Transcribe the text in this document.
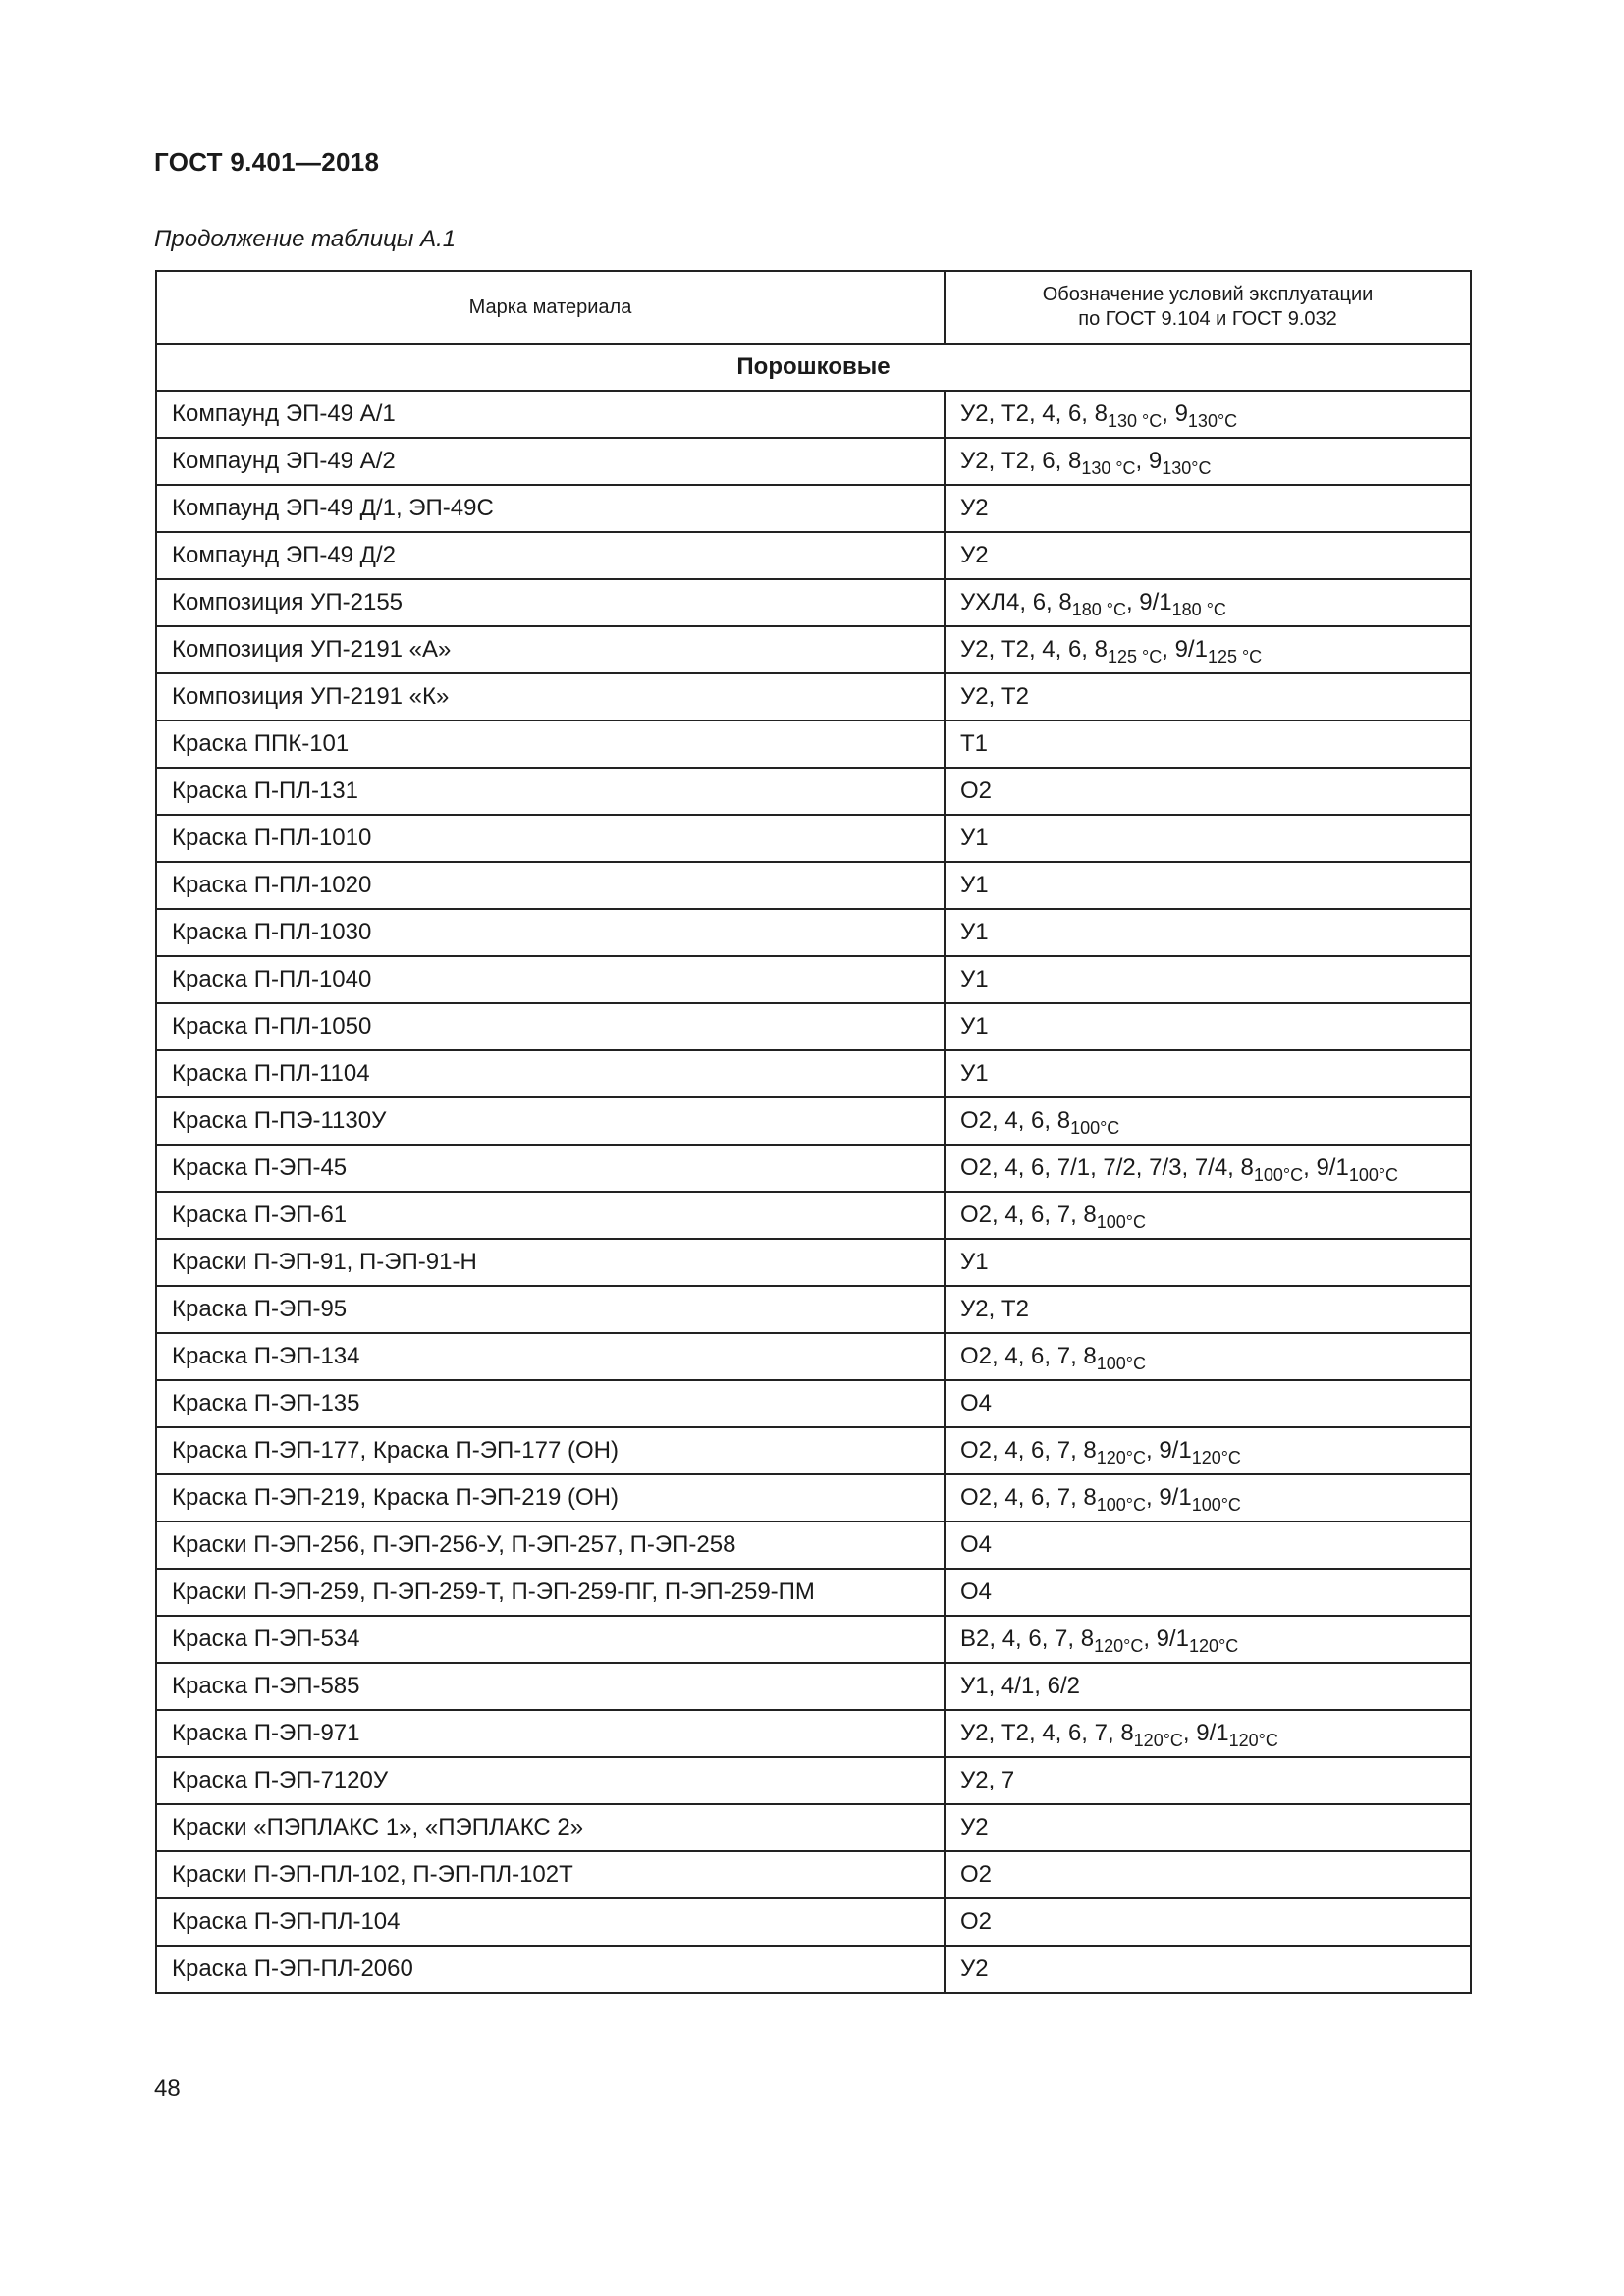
ГОСТ 9.401—2018
Продолжение таблицы А.1
Марка материала	Обозначение условий эксплуатации
по ГОСТ 9.104 и ГОСТ 9.032
Порошковые	
Компаунд ЭП-49 А/1	У2, Т2, 4, 6, $8_{130 ^\circ С}$, $9_{130^\circ С}$
Компаунд ЭП-49 А/2	У2, Т2, 6, $8_{130 ^\circ С}$, $9_{130^\circ С}$
Компаунд ЭП-49 Д/1, ЭП-49С	У2
Компаунд ЭП-49 Д/2	У2
Композиция УП-2155	УХЛ4, 6, $8_{180 ^\circ С}$, $9/1_{180 ^\circ С}$
Композиция УП-2191 «А»	У2, Т2, 4, 6, $8_{125 ^\circ С}$, $9/1_{125 ^\circ С}$
Композиция УП-2191 «К»	У2, Т2
Краска ППК-101	Т1
Краска П-ПЛ-131	О2
Краска П-ПЛ-1010	У1
Краска П-ПЛ-1020	У1
Краска П-ПЛ-1030	У1
Краска П-ПЛ-1040	У1
Краска П-ПЛ-1050	У1
Краска П-ПЛ-1104	У1
Краска П-ПЭ-1130У	О2, 4, 6, $8_{100^\circ С}$
Краска П-ЭП-45	О2, 4, 6, 7/1, 7/2, 7/3, 7/4, $8_{100^\circ С}$, $9/1_{100^\circ С}$
Краска П-ЭП-61	О2, 4, 6, 7, $8_{100^\circ С}$
Краски П-ЭП-91, П-ЭП-91-Н	У1
Краска П-ЭП-95	У2, Т2
Краска П-ЭП-134	О2, 4, 6, 7, $8_{100^\circ С}$
Краска П-ЭП-135	О4
Краска П-ЭП-177, Краска П-ЭП-177 (ОН)	О2, 4, 6, 7, $8_{120^\circ С}$, $9/1_{120^\circ С}$
Краска П-ЭП-219, Краска П-ЭП-219 (ОН)	О2, 4, 6, 7, $8_{100^\circ С}$, $9/1_{100^\circ С}$
Краски П-ЭП-256, П-ЭП-256-У, П-ЭП-257, П-ЭП-258	О4
Краски П-ЭП-259, П-ЭП-259-Т, П-ЭП-259-ПГ, П-ЭП-259-ПМ	О4
Краска П-ЭП-534	В2, 4, 6, 7, $8_{120^\circ С}$, $9/1_{120^\circ С}$
Краска П-ЭП-585	У1, 4/1, 6/2
Краска П-ЭП-971	У2, Т2, 4, 6, 7, $8_{120^\circ С}$, $9/1_{120^\circ С}$
Краска П-ЭП-7120У	У2, 7
Краски «ПЭПЛАКС 1», «ПЭПЛАКС 2»	У2
Краски П-ЭП-ПЛ-102, П-ЭП-ПЛ-102Т	О2
Краска П-ЭП-ПЛ-104	О2
Краска П-ЭП-ПЛ-2060	У2
48
